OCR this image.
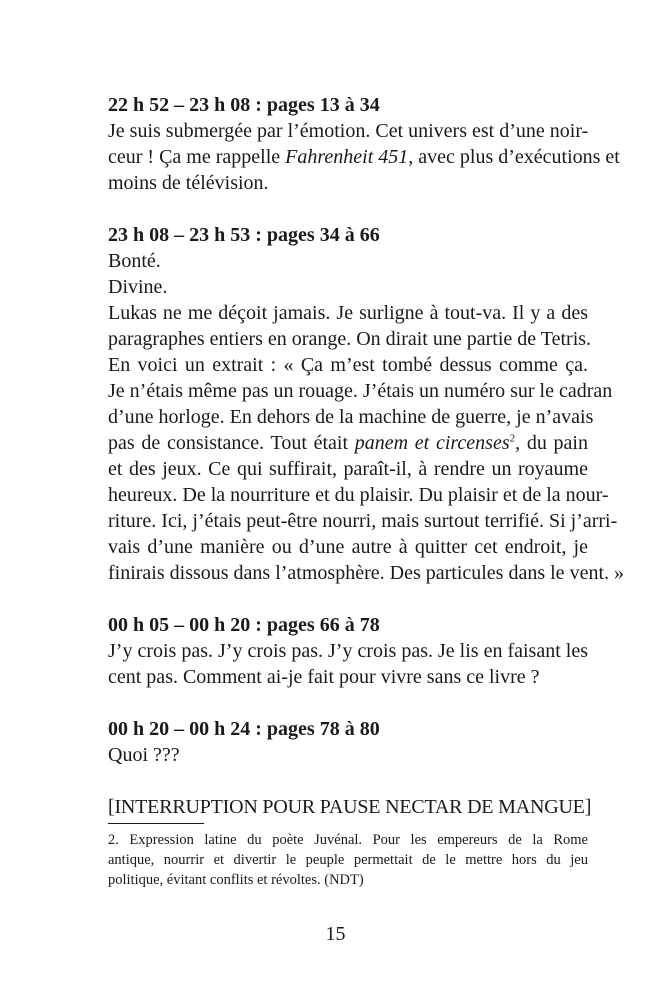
22 h 52 – 23 h 08 : pages 13 à 34
Je suis submergée par l’émotion. Cet univers est d’une noir-
ceur ! Ça me rappelle Fahrenheit 451, avec plus d’exécutions et
moins de télévision.
23 h 08 – 23 h 53 : pages 34 à 66
Bonté.
Divine.
Lukas ne me déçoit jamais. Je surligne à tout-va. Il y a des
paragraphes entiers en orange. On dirait une partie de Tetris.
En voici un extrait : « Ça m’est tombé dessus comme ça.
Je n’étais même pas un rouage. J’étais un numéro sur le cadran
d’une horloge. En dehors de la machine de guerre, je n’avais
pas de consistance. Tout était panem et circenses$^2$, du pain
et des jeux. Ce qui suffirait, paraît-il, à rendre un royaume
heureux. De la nourriture et du plaisir. Du plaisir et de la nour-
riture. Ici, j’étais peut-être nourri, mais surtout terrifié. Si j’arri-
vais d’une manière ou d’une autre à quitter cet endroit, je
finirais dissous dans l’atmosphère. Des particules dans le vent. »
00 h 05 – 00 h 20 : pages 66 à 78
J’y crois pas. J’y crois pas. J’y crois pas. Je lis en faisant les
cent pas. Comment ai-je fait pour vivre sans ce livre ?
00 h 20 – 00 h 24 : pages 78 à 80
Quoi ???
[INTERRUPTION POUR PAUSE NECTAR DE MANGUE]
2. Expression latine du poète Juvénal. Pour les empereurs de la Rome
antique, nourrir et divertir le peuple permettait de le mettre hors du jeu
politique, évitant conflits et révoltes. (NDT)
15
